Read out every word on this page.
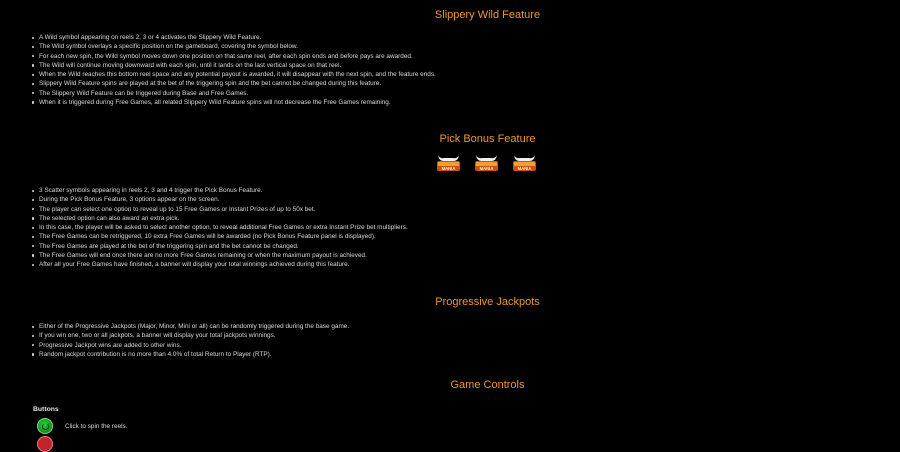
Slippery Wild Feature
A Wild symbol appearing on reels 2, 3 or 4 activates the Slippery Wild Feature.
The Wild symbol overlays a specific position on the gameboard, covering the symbol below.
For each new spin, the Wild symbol moves down one position on that same reel, after each spin ends and before pays are awarded.
The Wild will continue moving downward with each spin, until it lands on the last vertical space on that reel.
When the Wild reaches this bottom reel space and any potential payout is awarded, it will disappear with the next spin, and the feature ends.
Slippery Wild Feature spins are played at the bet of the triggering spin and the bet cannot be changed during this feature.
The Slippery Wild Feature can be triggered during Base and Free Games.
When it is triggered during Free Games, all related Slippery Wild Feature spins will not decrease the Free Games remaining.
Pick Bonus Feature
MANIA	MANIA	MANIA
3 Scatter symbols appearing in reels 2, 3 and 4 trigger the Pick Bonus Feature.
During the Pick Bonus Feature, 3 options appear on the screen.
The player can select one option to reveal up to 15 Free Games or Instant Prizes of up to 50x bet.
The selected option can also award an extra pick.
In this case, the player will be asked to select another option, to reveal additional Free Games or extra Instant Prize bet multipliers.
The Free Games can be retriggered, 10 extra Free Games will be awarded (no Pick Bonus Feature panel is displayed).
The Free Games are played at the bet of the triggering spin and the bet cannot be changed.
The Free Games will end once there are no more Free Games remaining or when the maximum payout is achieved.
After all your Free Games have finished, a banner will display your total winnings achieved during this feature.
Progressive Jackpots
Either of the Progressive Jackpots (Major, Minor, Mini or all) can be randomly triggered during the base game.
If you win one, two or all jackpots, a banner will display your total jackpots winnings.
Progressive Jackpot wins are added to other wins.
Random jackpot contribution is no more than 4.0% of total Return to Player (RTP).
Game Controls
Buttons
Click to spin the reels.
